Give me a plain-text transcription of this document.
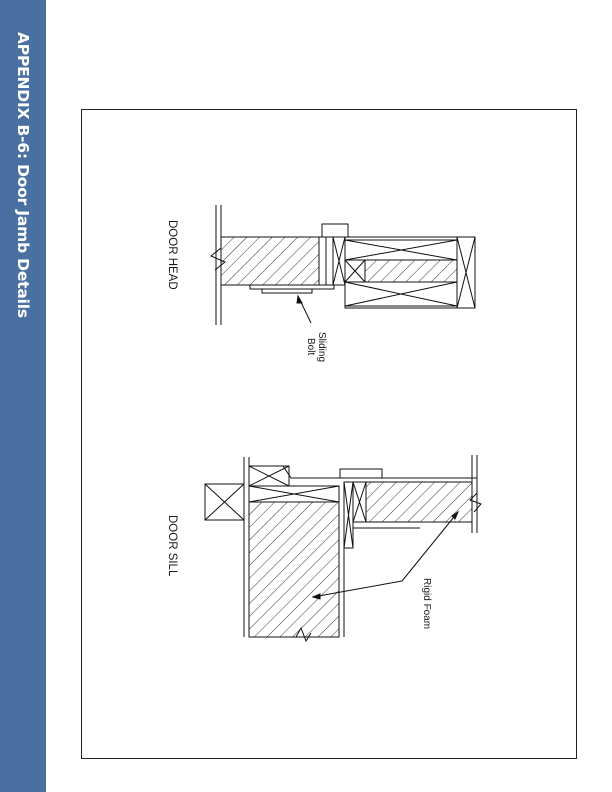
APPENDIX B-6: Door Jamb Details	DOOR HEAD
DOOR SILL
Sliding
Bolt
Rigid Foam
